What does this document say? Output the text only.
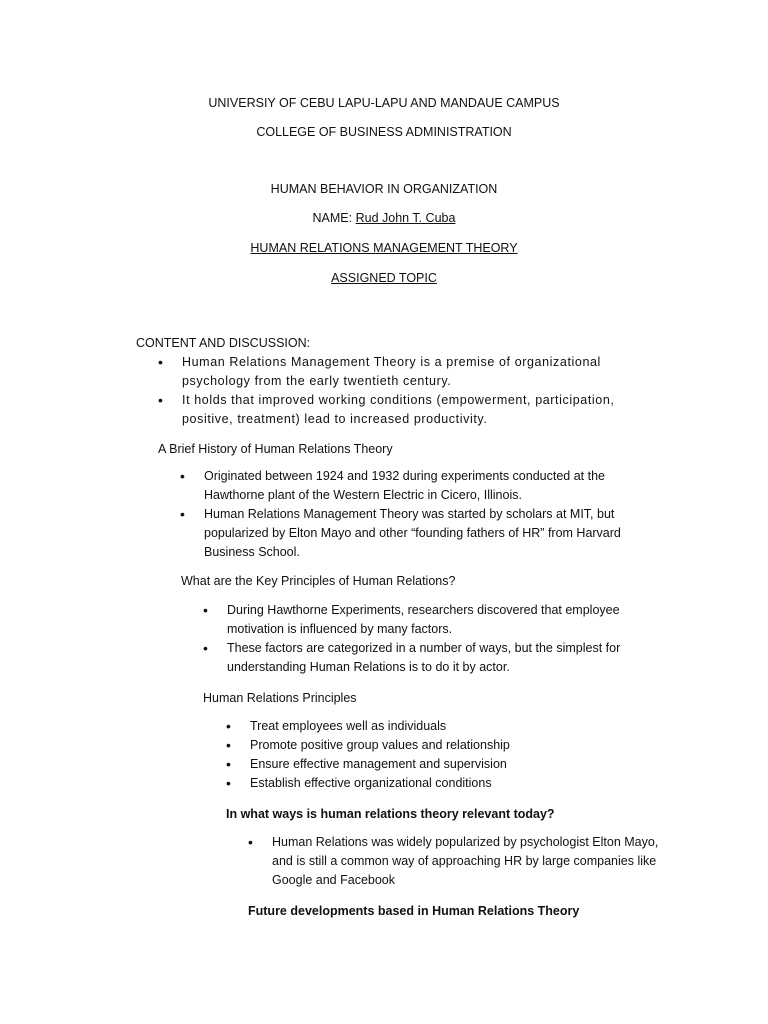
UNIVERSIY OF CEBU LAPU-LAPU AND MANDAUE CAMPUS
COLLEGE OF BUSINESS ADMINISTRATION
HUMAN BEHAVIOR IN ORGANIZATION
NAME: Rud John T. Cuba
HUMAN RELATIONS MANAGEMENT THEORY
ASSIGNED TOPIC
CONTENT AND DISCUSSION:
• Human Relations Management Theory is a premise of organizational psychology from the early twentieth century.
• It holds that improved working conditions (empowerment, participation, positive, treatment) lead to increased productivity.
A Brief History of Human Relations Theory
• Originated between 1924 and 1932 during experiments conducted at the Hawthorne plant of the Western Electric in Cicero, Illinois.
• Human Relations Management Theory was started by scholars at MIT, but popularized by Elton Mayo and other “founding fathers of HR” from Harvard Business School.
What are the Key Principles of Human Relations?
• During Hawthorne Experiments, researchers discovered that employee motivation is influenced by many factors.
• These factors are categorized in a number of ways, but the simplest for understanding Human Relations is to do it by actor.
Human Relations Principles
• Treat employees well as individuals
• Promote positive group values and relationship
• Ensure effective management and supervision
• Establish effective organizational conditions
In what ways is human relations theory relevant today?
• Human Relations was widely popularized by psychologist Elton Mayo, and is still a common way of approaching HR by large companies like Google and Facebook
Future developments based in Human Relations Theory
